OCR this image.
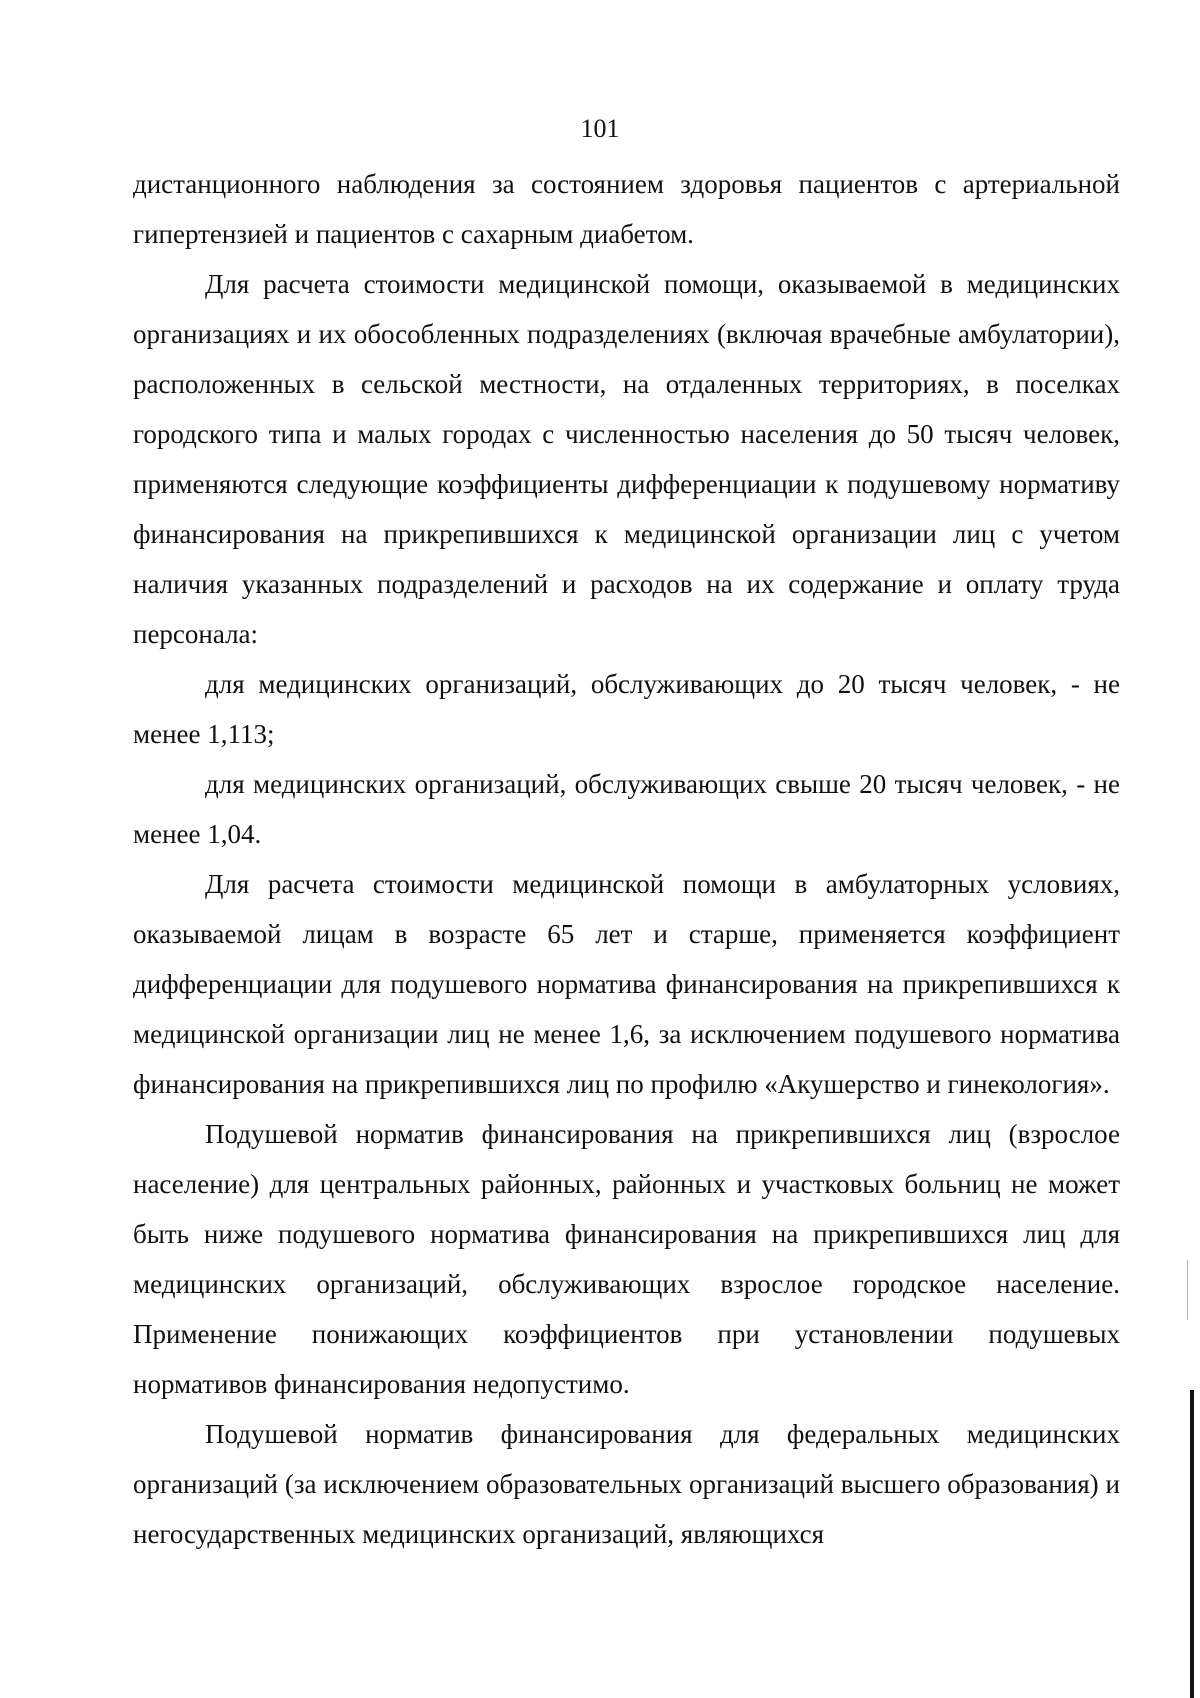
101

дистанционного наблюдения за состоянием здоровья пациентов с артериальной гипертензией и пациентов с сахарным диабетом.

Для расчета стоимости медицинской помощи, оказываемой в медицинских организациях и их обособленных подразделениях (включая врачебные амбулатории), расположенных в сельской местности, на отдаленных территориях, в поселках городского типа и малых городах с численностью населения до 50 тысяч человек, применяются следующие коэффициенты дифференциации к подушевому нормативу финансирования на прикрепившихся к медицинской организации лиц с учетом наличия указанных подразделений и расходов на их содержание и оплату труда персонала:

для медицинских организаций, обслуживающих до 20 тысяч человек, - не менее 1,113;

для медицинских организаций, обслуживающих свыше 20 тысяч человек, - не менее 1,04.

Для расчета стоимости медицинской помощи в амбулаторных условиях, оказываемой лицам в возрасте 65 лет и старше, применяется коэффициент дифференциации для подушевого норматива финансирования на прикрепившихся к медицинской организации лиц не менее 1,6, за исключением подушевого норматива финансирования на прикрепившихся лиц по профилю «Акушерство и гинекология».

Подушевой норматив финансирования на прикрепившихся лиц (взрослое население) для центральных районных, районных и участковых больниц не может быть ниже подушевого норматива финансирования на прикрепившихся лиц для медицинских организаций, обслуживающих взрослое городское население. Применение понижающих коэффициентов при установлении подушевых нормативов финансирования недопустимо.

Подушевой норматив финансирования для федеральных медицинских организаций (за исключением образовательных организаций высшего образования) и негосударственных медицинских организаций, являющихся
